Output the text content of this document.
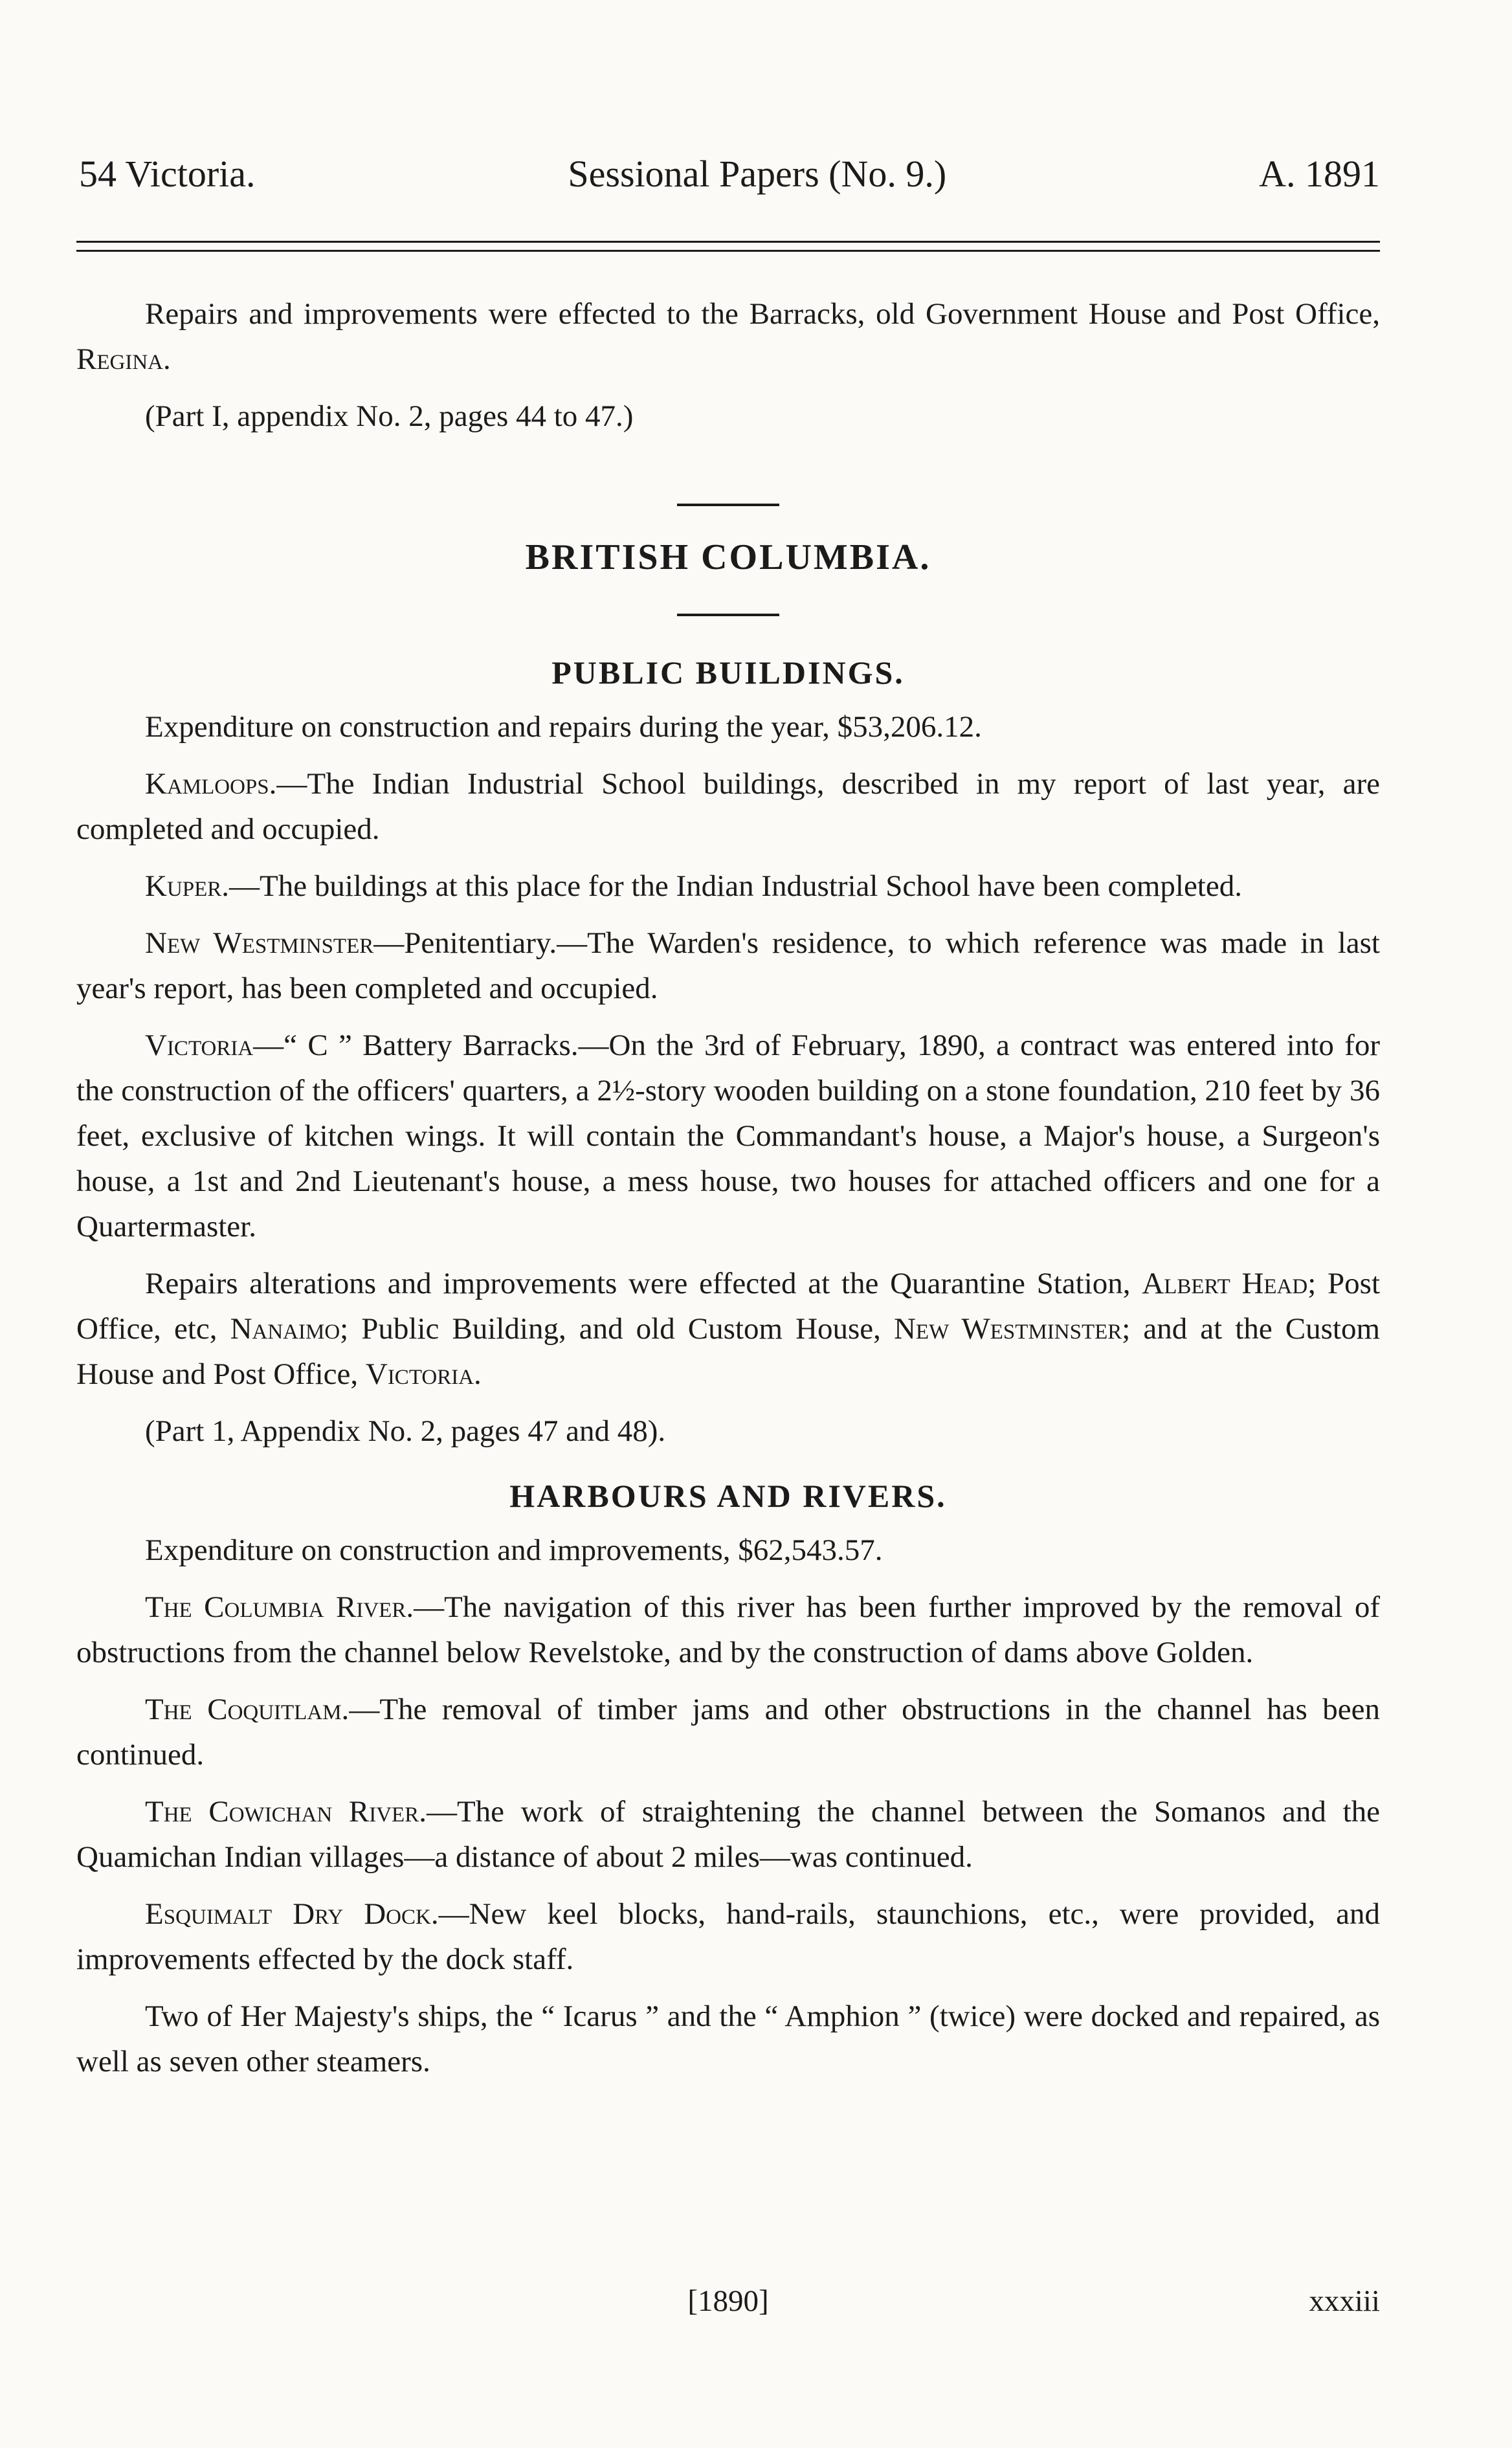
54 Victoria.	Sessional Papers (No. 9.)	A. 1891

Repairs and improvements were effected to the Barracks, old Government House and Post Office, Regina.

(Part I, appendix No. 2, pages 44 to 47.)

BRITISH COLUMBIA.
PUBLIC BUILDINGS.

Expenditure on construction and repairs during the year, $53,206.12.

Kamloops.—The Indian Industrial School buildings, described in my report of last year, are completed and occupied.

Kuper.—The buildings at this place for the Indian Industrial School have been completed.

New Westminster—Penitentiary.—The Warden's residence, to which reference was made in last year's report, has been completed and occupied.

Victoria—“ C ” Battery Barracks.—On the 3rd of February, 1890, a contract was entered into for the construction of the officers' quarters, a 2½-story wooden building on a stone foundation, 210 feet by 36 feet, exclusive of kitchen wings. It will contain the Commandant's house, a Major's house, a Surgeon's house, a 1st and 2nd Lieutenant's house, a mess house, two houses for attached officers and one for a Quartermaster.

Repairs alterations and improvements were effected at the Quarantine Station, Albert Head; Post Office, etc, Nanaimo; Public Building, and old Custom House, New Westminster; and at the Custom House and Post Office, Victoria.

(Part 1, Appendix No. 2, pages 47 and 48).

HARBOURS AND RIVERS.

Expenditure on construction and improvements, $62,543.57.

The Columbia River.—The navigation of this river has been further improved by the removal of obstructions from the channel below Revelstoke, and by the construction of dams above Golden.

The Coquitlam.—The removal of timber jams and other obstructions in the channel has been continued.

The Cowichan River.—The work of straightening the channel between the Somanos and the Quamichan Indian villages—a distance of about 2 miles—was continued.

Esquimalt Dry Dock.—New keel blocks, hand-rails, staunchions, etc., were provided, and improvements effected by the dock staff.

Two of Her Majesty's ships, the “ Icarus ” and the “ Amphion ” (twice) were docked and repaired, as well as seven other steamers.

[1890]	xxxiii
